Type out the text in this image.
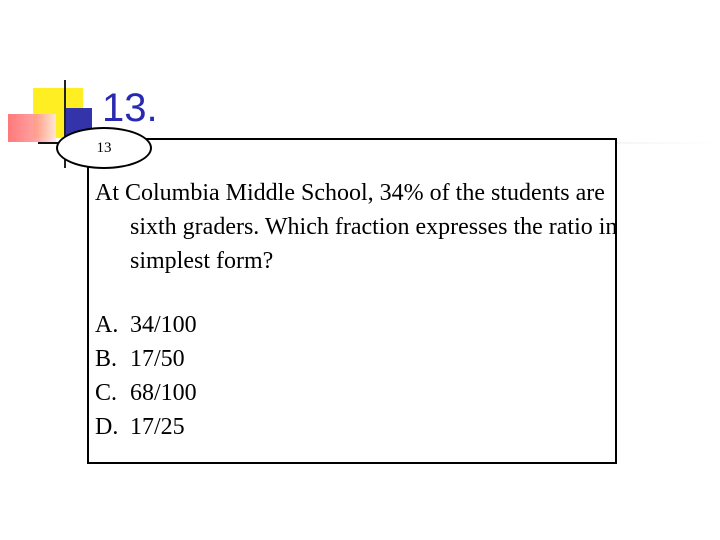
13.
13

At Columbia Middle School, 34% of the students are sixth graders. Which fraction expresses the ratio in simplest form?

A. 34/100
B. 17/50
C. 68/100
D. 17/25
